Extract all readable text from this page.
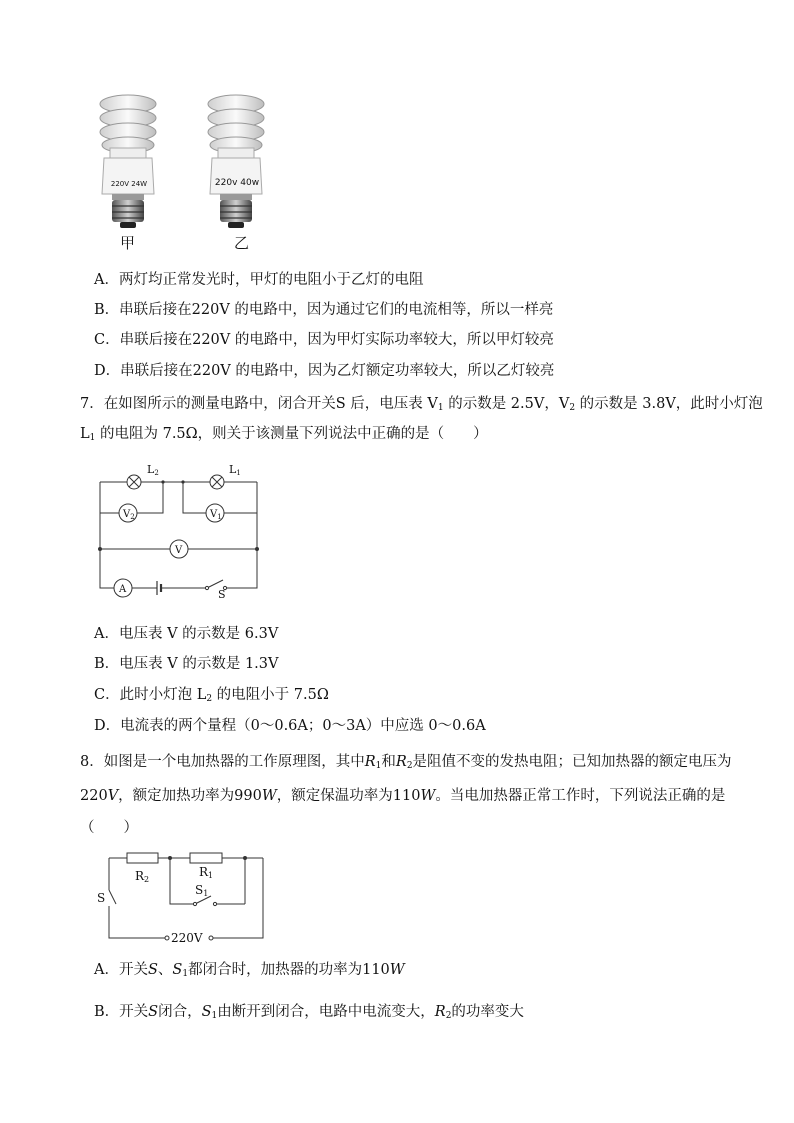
220V 24W	220v 40w
甲	乙
A．两灯均正常发光时，甲灯的电阻小于乙灯的电阻
B．串联后接在220V 的电路中，因为通过它们的电流相等，所以一样亮
C．串联后接在220V 的电路中，因为甲灯实际功率较大，所以甲灯较亮
D．串联后接在220V 的电路中，因为乙灯额定功率较大，所以乙灯较亮
7．在如图所示的测量电路中，闭合开关S 后，电压表 $V_1$ 的示数是 2.5V，$V_2$ 的示数是 3.8V，此时小灯泡
$L_1$ 的电阻为 7.5Ω，则关于该测量下列说法中正确的是（　　）
L2	L1
$V_2$	$V_1$
V
A	S
A．电压表 V 的示数是 6.3V
B．电压表 V 的示数是 1.3V
C．此时小灯泡 $L_2$ 的电阻小于 7.5Ω
D．电流表的两个量程（0～0.6A；0～3A）中应选 0～0.6A
8．如图是一个电加热器的工作原理图，其中$R_1$和$R_2$是阻值不变的发热电阻；已知加热器的额定电压为
220V，额定加热功率为990W，额定保温功率为110W。当电加热器正常工作时，下列说法正确的是
（　　）
R2
R1
S1
S
220V
A．开关S、$S_1$都闭合时，加热器的功率为110W
B．开关S闭合，$S_1$由断开到闭合，电路中电流变大，$R_2$的功率变大
